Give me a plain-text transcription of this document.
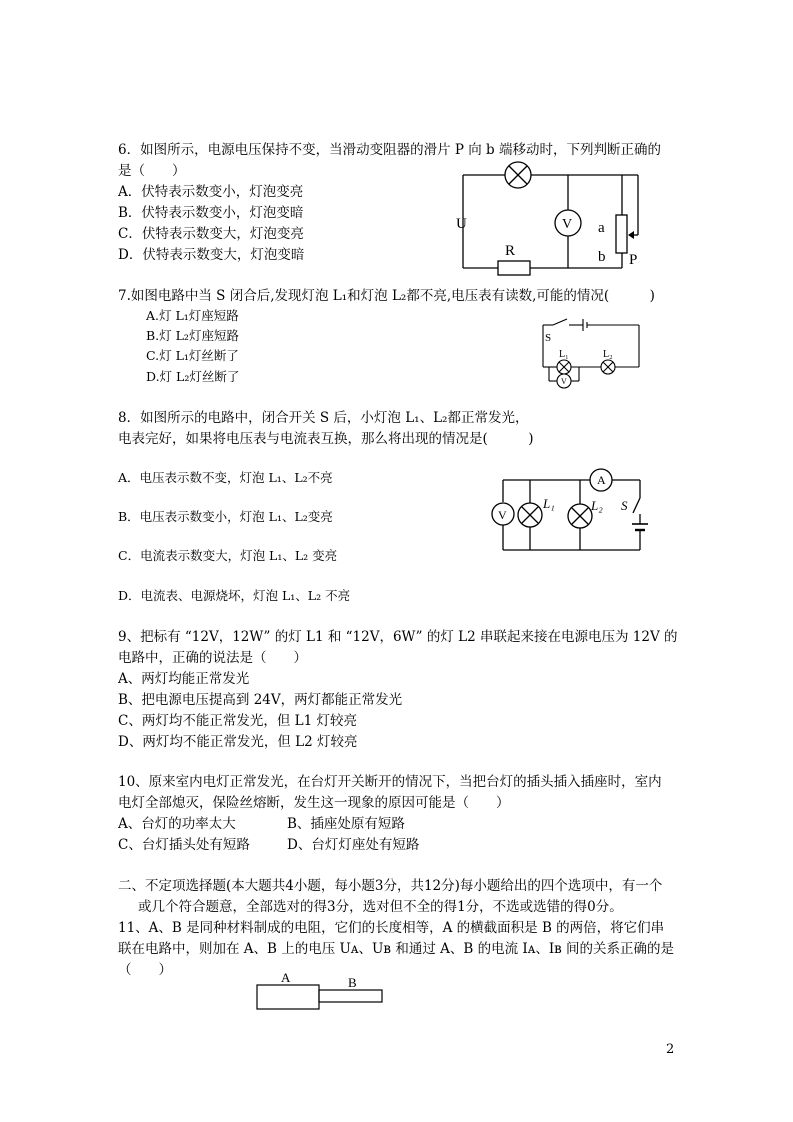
6．如图所示，电源电压保持不变，当滑动变阻器的滑片 P 向 b 端移动时，下列判断正确的
是（　　）
A．伏特表示数变小，灯泡变亮
B．伏特表示数变小，灯泡变暗
C．伏特表示数变大，灯泡变亮
D．伏特表示数变大，灯泡变暗
U
R
V a
b P
7.如图电路中当 S 闭合后,发现灯泡 L₁和灯泡 L₂都不亮,电压表有读数,可能的情况(　　　)
A.灯 L₁灯座短路
B.灯 L₂灯座短路
C.灯 L₁灯丝断了
D.灯 L₂灯丝断了
S
L₁	L₂
V
8．如图所示的电路中，闭合开关 S 后，小灯泡 L₁、L₂都正常发光，
电表完好，如果将电压表与电流表互换，那么将出现的情况是(　　　)
A．电压表示数不变，灯泡 L₁、L₂不亮
B．电压表示数变小，灯泡 L₁、L₂变亮
C．电流表示数变大，灯泡 L₁、L₂ 变亮
D．电流表、电源烧坏，灯泡 L₁、L₂ 不亮
A
V
L₁	L₂ S
9、把标有 “12V，12W” 的灯 L1 和 “12V，6W” 的灯 L2 串联起来接在电源电压为 12V 的
电路中，正确的说法是（　　）
A、两灯均能正常发光
B、把电源电压提高到 24V，两灯都能正常发光
C、两灯均不能正常发光，但 L1 灯较亮
D、两灯均不能正常发光，但 L2 灯较亮
10、原来室内电灯正常发光，在台灯开关断开的情况下，当把台灯的插头插入插座时，室内
电灯全部熄灭，保险丝熔断，发生这一现象的原因可能是（　　）
A、台灯的功率太大	B、插座处原有短路
C、台灯插头处有短路	D、台灯灯座处有短路
二、不定项选择题(本大题共4小题，每小题3分，共12分)每小题给出的四个选项中，有一个
或几个符合题意，全部选对的得3分，选对但不全的得1分，不选或选错的得0分。
11、A、B 是同种材料制成的电阻，它们的长度相等，A 的横截面积是 B 的两倍，将它们串
联在电路中，则加在 A、B 上的电压 Uᴀ、Uʙ 和通过 A、B 的电流 Iᴀ、Iʙ 间的关系正确的是
（　　）	A	B
2
